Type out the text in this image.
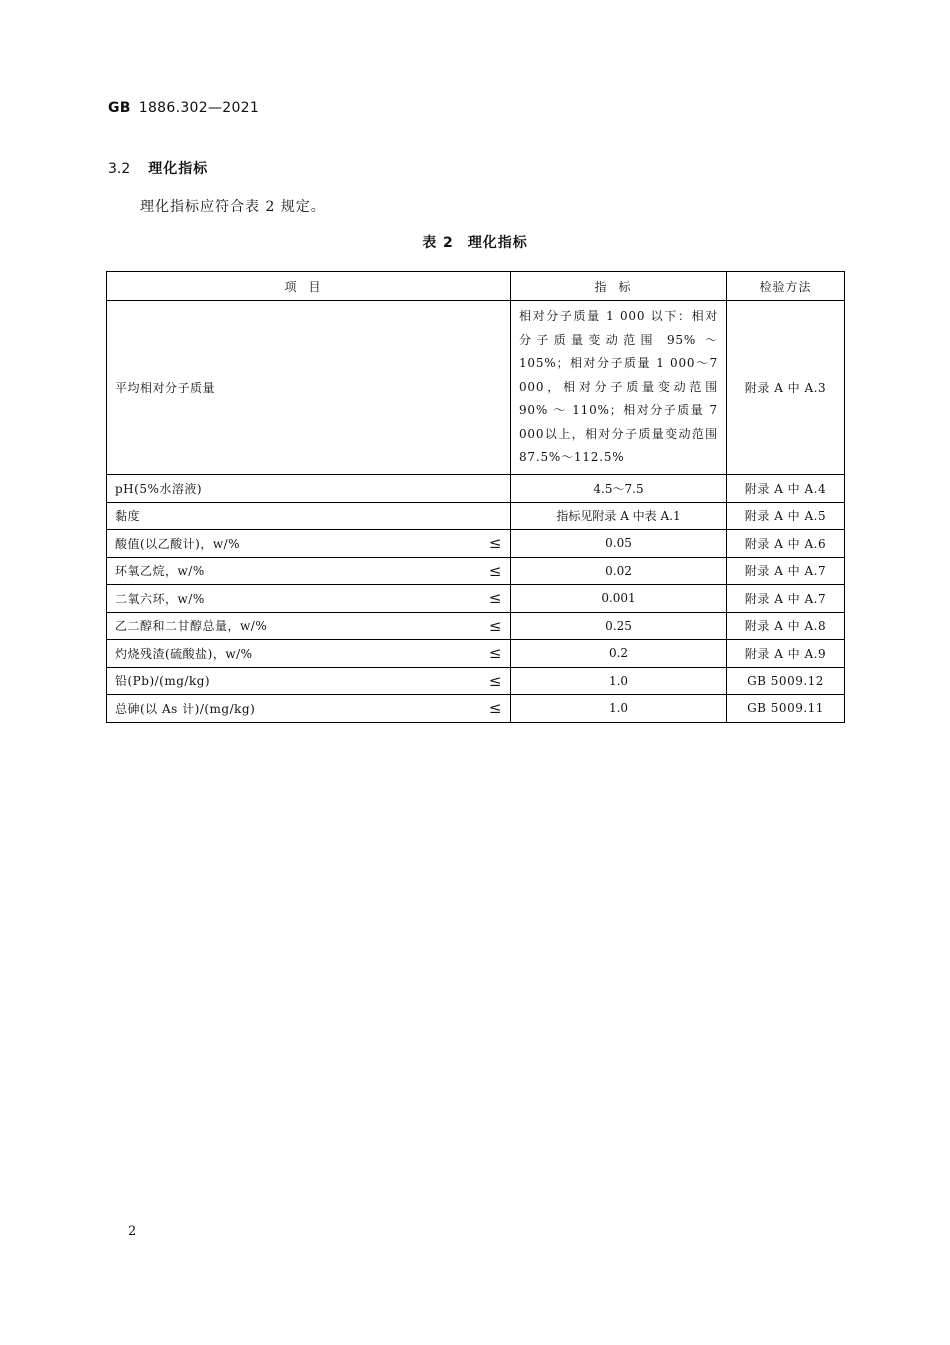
GB 1886.302—2021
3.2 理化指标
理化指标应符合表 2 规定。
表 2 理化指标
项目	指标	检验方法
平均相对分子质量	相对分子质量 1 000 以下：相对分子质量变动范围 95% ～105%；相对分子质量 1 000～7 000，相对分子质量变动范围 90% ～ 110%；相对分子质量 7 000以上，相对分子质量变动范围 87.5%～112.5%	附录 A 中 A.3
pH(5%水溶液)	4.5～7.5	附录 A 中 A.4
黏度	指标见附录 A 中表 A.1	附录 A 中 A.5
酸值(以乙酸计)，w/% ≤	0.05	附录 A 中 A.6
环氧乙烷，w/% ≤	0.02	附录 A 中 A.7
二氧六环，w/% ≤	0.001	附录 A 中 A.7
乙二醇和二甘醇总量，w/% ≤	0.25	附录 A 中 A.8
灼烧残渣(硫酸盐)，w/% ≤	0.2	附录 A 中 A.9
铅(Pb)/(mg/kg) ≤	1.0	GB 5009.12
总砷(以 As 计)/(mg/kg) ≤	1.0	GB 5009.11
2
